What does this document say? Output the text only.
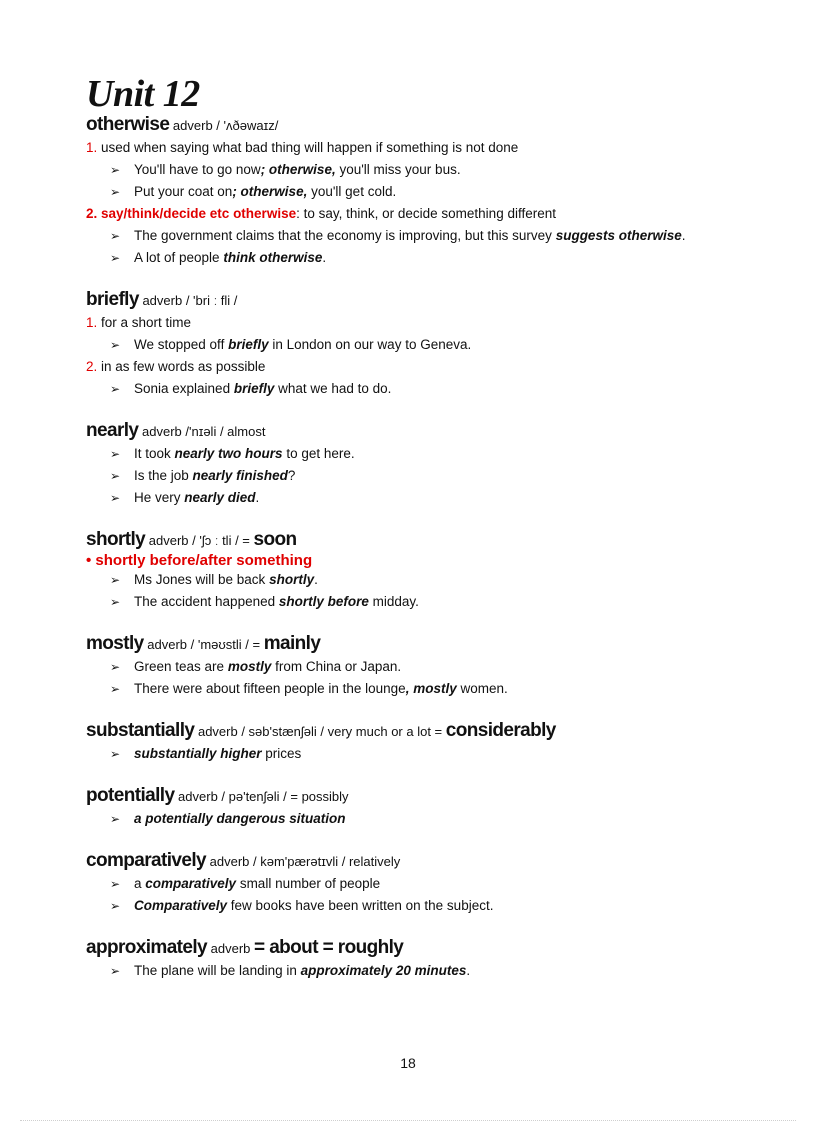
Unit 12
otherwise adverb / 'ʌðəwaɪz/
1. used when saying what bad thing will happen if something is not done
➢ You'll have to go now; otherwise, you'll miss your bus.
➢ Put your coat on; otherwise, you'll get cold.
2. say/think/decide etc otherwise: to say, think, or decide something different
➢ The government claims that the economy is improving, but this survey suggests otherwise.
➢ A lot of people think otherwise.
briefly adverb / 'bri ː fli /
1. for a short time
➢ We stopped off briefly in London on our way to Geneva.
2. in as few words as possible
➢ Sonia explained briefly what we had to do.
nearly adverb /'nɪəli / almost
➢ It took nearly two hours to get here.
➢ Is the job nearly finished?
➢ He very nearly died.
shortly adverb / 'ʃɔ ː tli / = soon
• shortly before/after something
➢ Ms Jones will be back shortly.
➢ The accident happened shortly before midday.
mostly adverb / 'məʊstli / = mainly
➢ Green teas are mostly from China or Japan.
➢ There were about fifteen people in the lounge, mostly women.
substantially adverb / səb'stænʃəli / very much or a lot = considerably
➢ substantially higher prices
potentially adverb / pə'tenʃəli / = possibly
➢ a potentially dangerous situation
comparatively adverb / kəm'pærətɪvli / relatively
➢ a comparatively small number of people
➢ Comparatively few books have been written on the subject.
approximately adverb = about = roughly
➢ The plane will be landing in approximately 20 minutes.
18
